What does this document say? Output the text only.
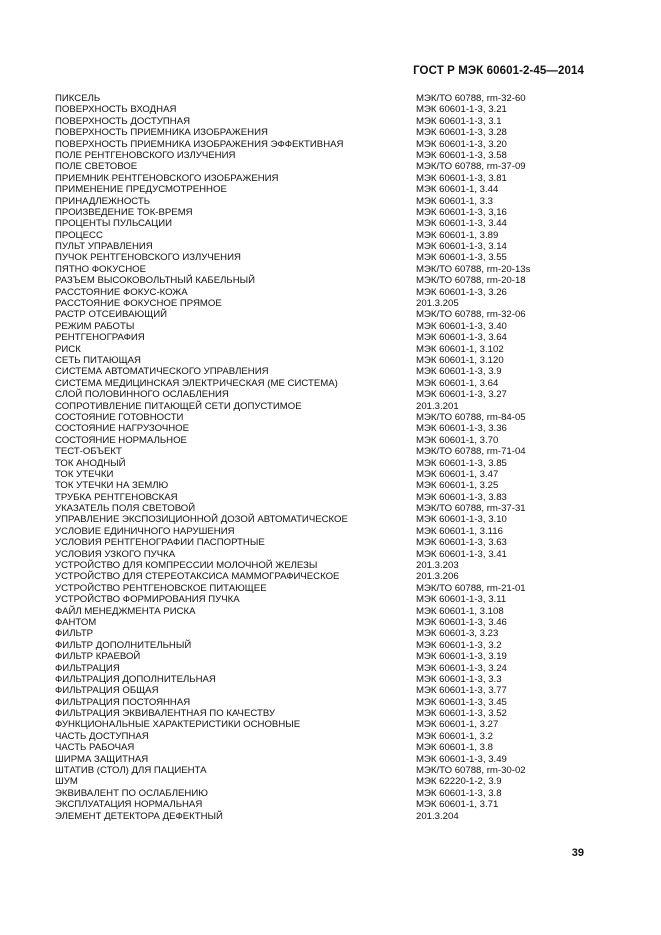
ГОСТ Р МЭК 60601-2-45—2014
ПИКСЕЛЬ	МЭК/ТО 60788, rm-32-60
ПОВЕРХНОСТЬ ВХОДНАЯ	МЭК 60601-1-3, 3.21
ПОВЕРХНОСТЬ ДОСТУПНАЯ	МЭК 60601-1-3, 3.1
ПОВЕРХНОСТЬ ПРИЕМНИКА ИЗОБРАЖЕНИЯ	МЭК 60601-1-3, 3.28
ПОВЕРХНОСТЬ ПРИЕМНИКА ИЗОБРАЖЕНИЯ ЭФФЕКТИВНАЯ	МЭК 60601-1-3, 3.20
ПОЛЕ РЕНТГЕНОВСКОГО ИЗЛУЧЕНИЯ	МЭК 60601-1-3, 3.58
ПОЛЕ СВЕТОВОЕ	МЭК/ТО 60788, rm-37-09
ПРИЕМНИК РЕНТГЕНОВСКОГО ИЗОБРАЖЕНИЯ	МЭК 60601-1-3, 3.81
ПРИМЕНЕНИЕ ПРЕДУСМОТРЕННОЕ	МЭК 60601-1, 3.44
ПРИНАДЛЕЖНОСТЬ	МЭК 60601-1, 3.3
ПРОИЗВЕДЕНИЕ ТОК-ВРЕМЯ	МЭК 60601-1-3, 3,16
ПРОЦЕНТЫ ПУЛЬСАЦИИ	МЭК 60601-1-3, 3.44
ПРОЦЕСС	МЭК 60601-1, 3.89
ПУЛЬТ УПРАВЛЕНИЯ	МЭК 60601-1-3, 3.14
ПУЧОК РЕНТГЕНОВСКОГО ИЗЛУЧЕНИЯ	МЭК 60601-1-3, 3.55
ПЯТНО ФОКУСНОЕ	МЭК/ТО 60788, rm-20-13s
РАЗЪЕМ ВЫСОКОВОЛЬТНЫЙ КАБЕЛЬНЫЙ	МЭК/ТО 60788, rm-20-18
РАССТОЯНИЕ ФОКУС-КОЖА	МЭК 60601-1-3, 3.26
РАССТОЯНИЕ ФОКУСНОЕ ПРЯМОЕ	201.3.205
РАСТР ОТСЕИВАЮЩИЙ	МЭК/ТО 60788, rm-32-06
РЕЖИМ РАБОТЫ	МЭК 60601-1-3, 3.40
РЕНТГЕНОГРАФИЯ	МЭК 60601-1-3, 3.64
РИСК	МЭК 60601-1, 3.102
СЕТЬ ПИТАЮЩАЯ	МЭК 60601-1, 3.120
СИСТЕМА АВТОМАТИЧЕСКОГО УПРАВЛЕНИЯ	МЭК 60601-1-3, 3.9
СИСТЕМА МЕДИЦИНСКАЯ ЭЛЕКТРИЧЕСКАЯ (МЕ СИСТЕМА)	МЭК 60601-1, 3.64
СЛОЙ ПОЛОВИННОГО ОСЛАБЛЕНИЯ	МЭК 60601-1-3, 3.27
СОПРОТИВЛЕНИЕ ПИТАЮЩЕЙ СЕТИ ДОПУСТИМОЕ	201.3.201
СОСТОЯНИЕ ГОТОВНОСТИ	МЭК/ТО 60788, rm-84-05
СОСТОЯНИЕ НАГРУЗОЧНОЕ	МЭК 60601-1-3, 3.36
СОСТОЯНИЕ НОРМАЛЬНОЕ	МЭК 60601-1, 3.70
ТЕСТ-ОБЪЕКТ	МЭК/ТО 60788, rm-71-04
ТОК АНОДНЫЙ	МЭК 60601-1-3, 3.85
ТОК УТЕЧКИ	МЭК 60601-1, 3.47
ТОК УТЕЧКИ НА ЗЕМЛЮ	МЭК 60601-1, 3.25
ТРУБКА РЕНТГЕНОВСКАЯ	МЭК 60601-1-3, 3.83
УКАЗАТЕЛЬ ПОЛЯ СВЕТОВОЙ	МЭК/ТО 60788, rm-37-31
УПРАВЛЕНИЕ ЭКСПОЗИЦИОННОЙ ДОЗОЙ АВТОМАТИЧЕСКОЕ	МЭК 60601-1-3, 3.10
УСЛОВИЕ ЕДИНИЧНОГО НАРУШЕНИЯ	МЭК 60601-1, 3.116
УСЛОВИЯ РЕНТГЕНОГРАФИИ ПАСПОРТНЫЕ	МЭК 60601-1-3, 3.63
УСЛОВИЯ УЗКОГО ПУЧКА	МЭК 60601-1-3, 3.41
УСТРОЙСТВО ДЛЯ КОМПРЕССИИ МОЛОЧНОЙ ЖЕЛЕЗЫ	201.3.203
УСТРОЙСТВО ДЛЯ СТЕРЕОТАКСИСА МАММОГРАФИЧЕСКОЕ	201.3.206
УСТРОЙСТВО РЕНТГЕНОВСКОЕ ПИТАЮЩЕЕ	МЭК/ТО 60788, rm-21-01
УСТРОЙСТВО ФОРМИРОВАНИЯ ПУЧКА	МЭК 60601-1-3, 3.11
ФАЙЛ МЕНЕДЖМЕНТА РИСКА	МЭК 60601-1, 3.108
ФАНТОМ	МЭК 60601-1-3, 3.46
ФИЛЬТР	МЭК 60601-3, 3.23
ФИЛЬТР ДОПОЛНИТЕЛЬНЫЙ	МЭК 60601-1-3, 3.2
ФИЛЬТР КРАЕВОЙ	МЭК 60601-1-3, 3.19
ФИЛЬТРАЦИЯ	МЭК 60601-1-3, 3.24
ФИЛЬТРАЦИЯ ДОПОЛНИТЕЛЬНАЯ	МЭК 60601-1-3, 3.3
ФИЛЬТРАЦИЯ ОБЩАЯ	МЭК 60601-1-3, 3.77
ФИЛЬТРАЦИЯ ПОСТОЯННАЯ	МЭК 60601-1-3, 3.45
ФИЛЬТРАЦИЯ ЭКВИВАЛЕНТНАЯ ПО КАЧЕСТВУ	МЭК 60601-1-3, 3.52
ФУНКЦИОНАЛЬНЫЕ ХАРАКТЕРИСТИКИ ОСНОВНЫЕ	МЭК 60601-1, 3.27
ЧАСТЬ ДОСТУПНАЯ	МЭК 60601-1, 3.2
ЧАСТЬ РАБОЧАЯ	МЭК 60601-1, 3.8
ШИРМА ЗАЩИТНАЯ	МЭК 60601-1-3, 3.49
ШТАТИВ (СТОЛ) ДЛЯ ПАЦИЕНТА	МЭК/ТО 60788, rm-30-02
ШУМ	МЭК 62220-1-2, 3.9
ЭКВИВАЛЕНТ ПО ОСЛАБЛЕНИЮ	МЭК 60601-1-3, 3.8
ЭКСПЛУАТАЦИЯ НОРМАЛЬНАЯ	МЭК 60601-1, 3.71
ЭЛЕМЕНТ ДЕТЕКТОРА ДЕФЕКТНЫЙ	201.3.204
39
